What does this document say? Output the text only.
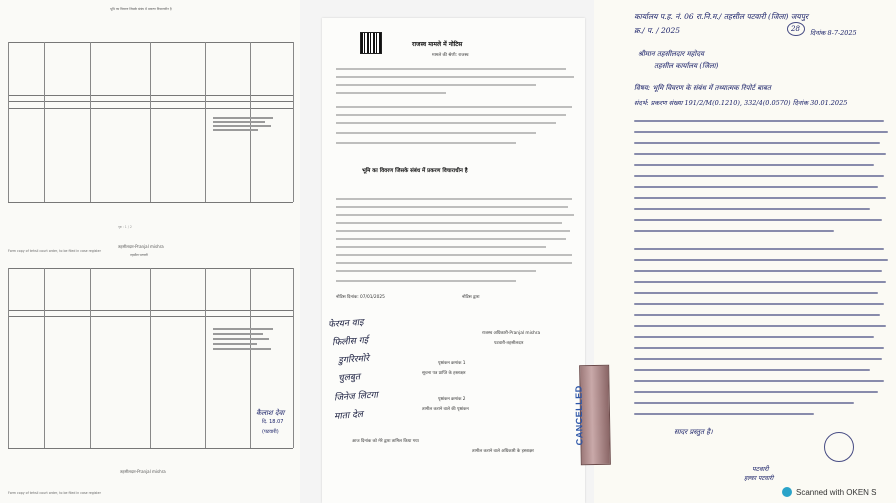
भूमि का विवरण जिसके संबंध में प्रकरण विचाराधीन है
तहसीलदार-Pranjal mishra
तहसील पटवारी
पृष्ठ : 1 / 2
Form copy of tehsil court order, to be filed in case register
कैलाश देवा
दि. 18.07
(पटवारी)
तहसीलदार-Pranjal mishra
Form copy of tehsil court order, to be filed in case register
राजस्व मामले में नोटिस
मामले की श्रेणी: राजस्व
भूमि का विवरण जिसके संबंध में प्रकरण विचाराधीन है
नोटिस दिनांक: 07/01/2025	नोटिस द्वारा
फेरयन वाइ
फिलीस गई
डुगरिरमोरे
चुलबुत
जिनेज लिटगा
माता देल
राजस्व अधिकारी-Pranjal mishra
पटवारी-तहसीलदार
पृष्ठांकन क्रमांक 1
सूचना पत्र प्राप्ति के हस्ताक्षर
पृष्ठांकन क्रमांक 2
तामील कराने वाले की पृष्ठांकन
आज दिनांक को मेरे द्वारा तामिल किया गया
तामील कराने वाले अधिकारी के हस्ताक्षर
कार्यालय प.ह. नं. 06 रा.नि.म./ तहसील पटवारी (जिला) जयपुर
क्र./ प. / 2025	28 दिनांक 8-7-2025
श्रीमान तहसीलदार महोदय
तहसील कार्यालय (जिला)
विषय: भूमि विवरण के संबंध में तथ्यात्मक रिपोर्ट बाबत
संदर्भ: प्रकरण संख्या 191/2/M(0.1210), 332/4(0.0570) दिनांक 30.01.2025
सादर प्रस्तुत है।
पटवारी
हल्का पटवारी
CANCELLED
Scanned with OKEN S
